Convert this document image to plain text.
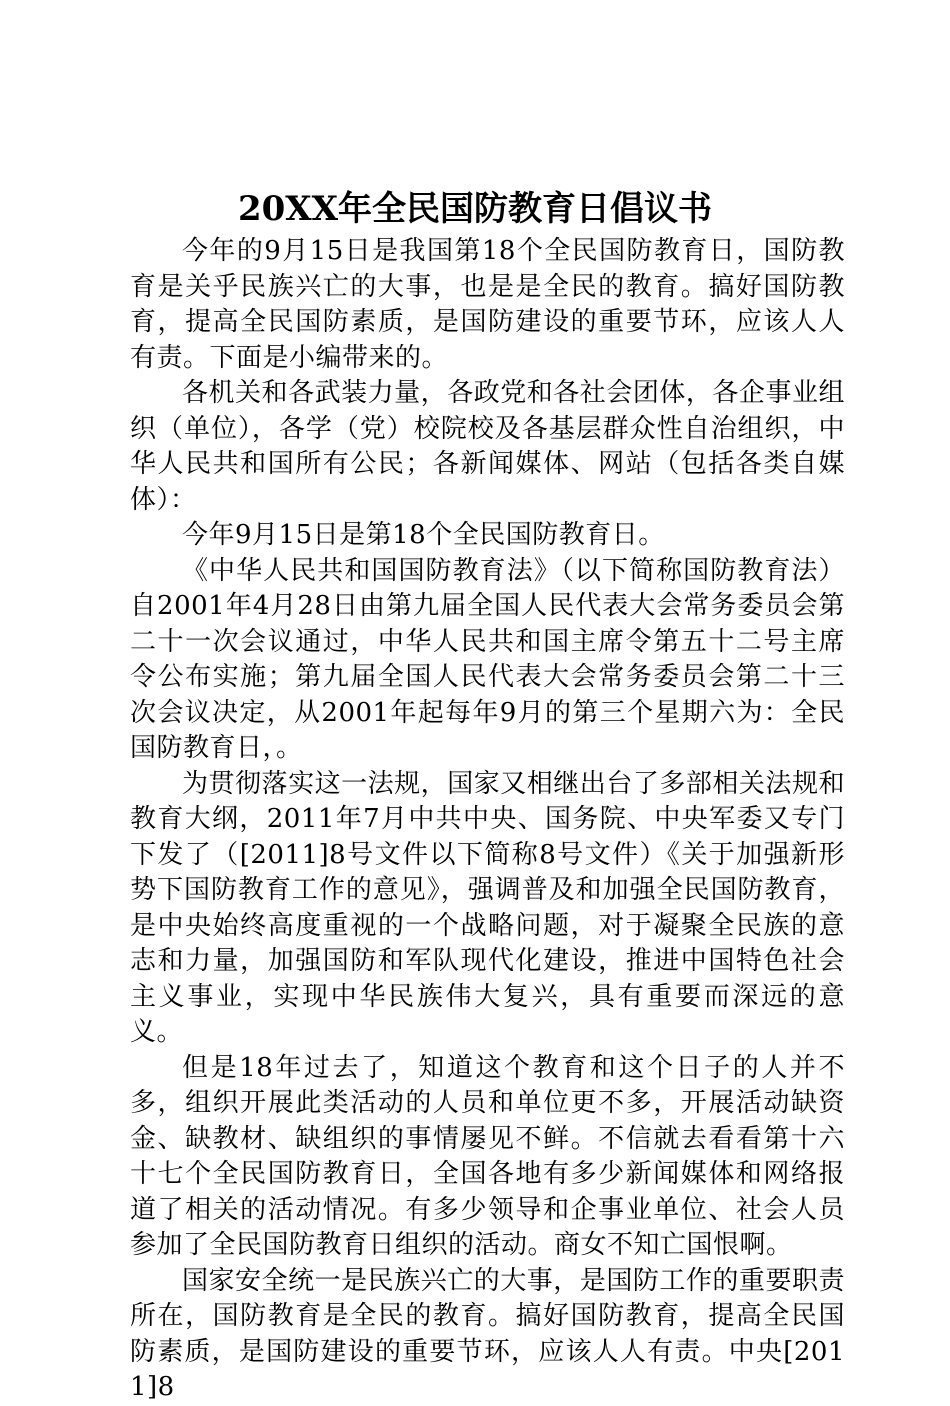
20XX年全民国防教育日倡议书

今年的9月15日是我国第18个全民国防教育日，国防教育是关乎民族兴亡的大事，也是是全民的教育。搞好国防教育，提高全民国防素质，是国防建设的重要节环，应该人人有责。下面是小编带来的。

各机关和各武装力量，各政党和各社会团体，各企事业组织（单位），各学（党）校院校及各基层群众性自治组织，中华人民共和国所有公民；各新闻媒体、网站（包括各类自媒体）：

今年9月15日是第18个全民国防教育日。

《中华人民共和国国防教育法》（以下简称国防教育法）自2001年4月28日由第九届全国人民代表大会常务委员会第二十一次会议通过，中华人民共和国主席令第五十二号主席令公布实施；第九届全国人民代表大会常务委员会第二十三次会议决定，从2001年起每年9月的第三个星期六为：全民国防教育日，。

为贯彻落实这一法规，国家又相继出台了多部相关法规和教育大纲，2011年7月中共中央、国务院、中央军委又专门下发了（[2011]8号文件以下简称8号文件）《关于加强新形势下国防教育工作的意见》，强调普及和加强全民国防教育，是中央始终高度重视的一个战略问题，对于凝聚全民族的意志和力量，加强国防和军队现代化建设，推进中国特色社会主义事业，实现中华民族伟大复兴，具有重要而深远的意义。

但是18年过去了，知道这个教育和这个日子的人并不多，组织开展此类活动的人员和单位更不多，开展活动缺资金、缺教材、缺组织的事情屡见不鲜。不信就去看看第十六十七个全民国防教育日，全国各地有多少新闻媒体和网络报道了相关的活动情况。有多少领导和企事业单位、社会人员参加了全民国防教育日组织的活动。商女不知亡国恨啊。

国家安全统一是民族兴亡的大事，是国防工作的重要职责所在，国防教育是全民的教育。搞好国防教育，提高全民国防素质，是国防建设的重要节环，应该人人有责。中央[2011]8
